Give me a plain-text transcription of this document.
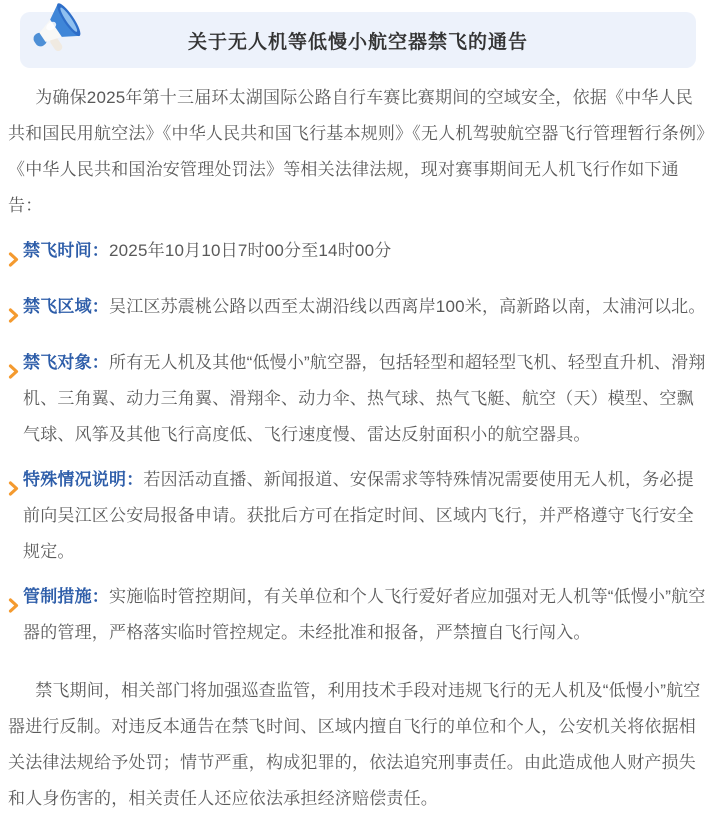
关于无人机等低慢小航空器禁飞的通告

为确保2025年第十三届环太湖国际公路自行车赛比赛期间的空域安全，依据《中华人民共和国民用航空法》《中华人民共和国飞行基本规则》《无人机驾驶航空器飞行管理暂行条例》《中华人民共和国治安管理处罚法》等相关法律法规，现对赛事期间无人机飞行作如下通告：

禁飞时间：2025年10月10日7时00分至14时00分

禁飞区域：吴江区苏震桃公路以西至太湖沿线以西离岸100米，高新路以南，太浦河以北。

禁飞对象：所有无人机及其他“低慢小”航空器，包括轻型和超轻型飞机、轻型直升机、滑翔机、三角翼、动力三角翼、滑翔伞、动力伞、热气球、热气飞艇、航空（天）模型、空飘气球、风筝及其他飞行高度低、飞行速度慢、雷达反射面积小的航空器具。

特殊情况说明：若因活动直播、新闻报道、安保需求等特殊情况需要使用无人机，务必提前向吴江区公安局报备申请。获批后方可在指定时间、区域内飞行，并严格遵守飞行安全规定。

管制措施：实施临时管控期间，有关单位和个人飞行爱好者应加强对无人机等“低慢小”航空器的管理，严格落实临时管控规定。未经批准和报备，严禁擅自飞行闯入。

禁飞期间，相关部门将加强巡查监管，利用技术手段对违规飞行的无人机及“低慢小”航空器进行反制。对违反本通告在禁飞时间、区域内擅自飞行的单位和个人，公安机关将依据相关法律法规给予处罚；情节严重，构成犯罪的，依法追究刑事责任。由此造成他人财产损失和人身伤害的，相关责任人还应依法承担经济赔偿责任。
